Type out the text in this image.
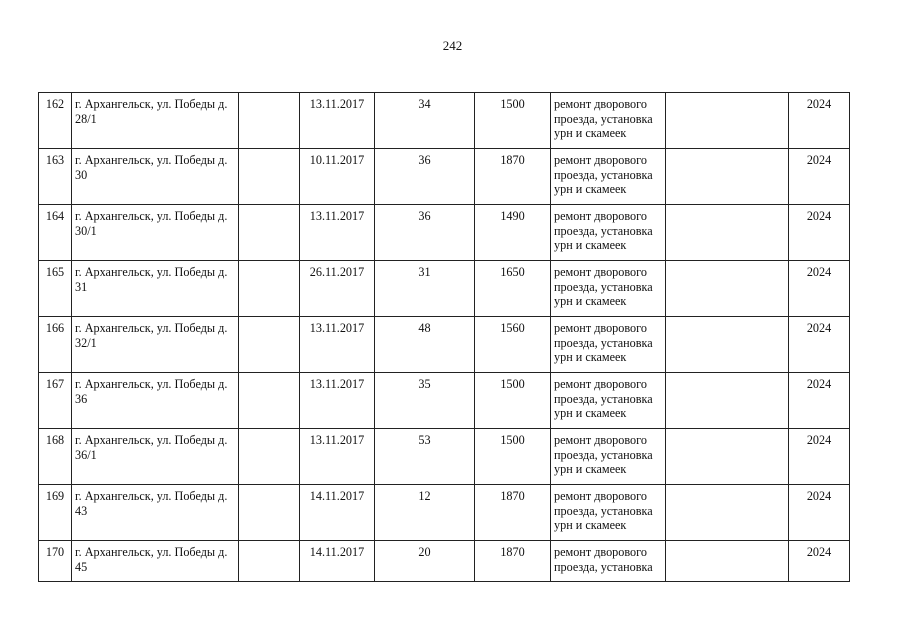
242
162	г. Архангельск, ул. Победы д. 28/1		13.11.2017	34	1500	ремонт дворового проезда, установка урн и скамеек		2024
163	г. Архангельск, ул. Победы д. 30		10.11.2017	36	1870	ремонт дворового проезда, установка урн и скамеек		2024
164	г. Архангельск, ул. Победы д. 30/1		13.11.2017	36	1490	ремонт дворового проезда, установка урн и скамеек		2024
165	г. Архангельск, ул. Победы д. 31		26.11.2017	31	1650	ремонт дворового проезда, установка урн и скамеек		2024
166	г. Архангельск, ул. Победы д. 32/1		13.11.2017	48	1560	ремонт дворового проезда, установка урн и скамеек		2024
167	г. Архангельск, ул. Победы д. 36		13.11.2017	35	1500	ремонт дворового проезда, установка урн и скамеек		2024
168	г. Архангельск, ул. Победы д. 36/1		13.11.2017	53	1500	ремонт дворового проезда, установка урн и скамеек		2024
169	г. Архангельск, ул. Победы д. 43		14.11.2017	12	1870	ремонт дворового проезда, установка урн и скамеек		2024
170	г. Архангельск, ул. Победы д. 45		14.11.2017	20	1870	ремонт дворового проезда, установка		2024
